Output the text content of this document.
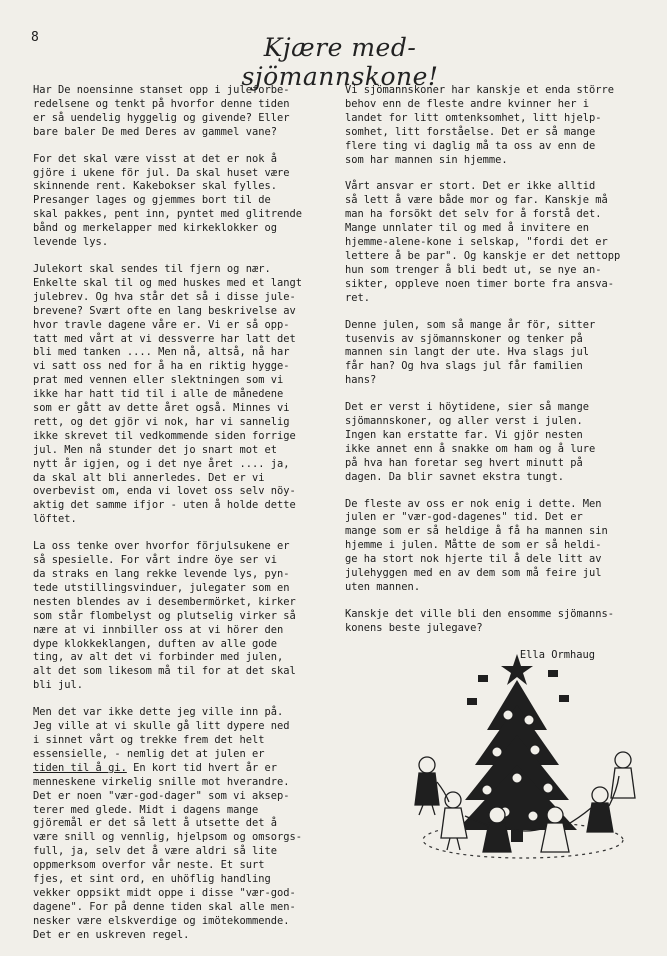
8	Kjære med-sjömannskone!

Har De noensinne stanset opp i juleforbe-
redelsene og tenkt på hvorfor denne tiden
er så uendelig hyggelig og givende? Eller
bare baler De med Deres av gammel vane?

For det skal være visst at det er nok å
gjöre i ukene för jul. Da skal huset være
skinnende rent. Kakebokser skal fylles.
Presanger lages og gjemmes bort til de
skal pakkes, pent inn, pyntet med glitrende
bånd og merkelapper med kirkeklokker og
levende lys.

Julekort skal sendes til fjern og nær.
Enkelte skal til og med huskes med et langt
julebrev. Og hva står det så i disse jule-
brevene? Svært ofte en lang beskrivelse av
hvor travle dagene våre er. Vi er så opp-
tatt med vårt at vi dessverre har latt det
bli med tanken .... Men nå, altså, nå har
vi satt oss ned for å ha en riktig hygge-
prat med vennen eller slektningen som vi
ikke har hatt tid til i alle de månedene
som er gått av dette året også. Minnes vi
rett, og det gjör vi nok, har vi sannelig
ikke skrevet til vedkommende siden forrige
jul. Men nå stunder det jo snart mot et
nytt år igjen, og i det nye året .... ja,
da skal alt bli annerledes. Det er vi
overbevist om, enda vi lovet oss selv nöy-
aktig det samme ifjor - uten å holde dette
löftet.

La oss tenke over hvorfor förjulsukene er
så spesielle. For vårt indre öye ser vi
da straks en lang rekke levende lys, pyn-
tede utstillingsvinduer, julegater som en
nesten blendes av i desembermörket, kirker
som står flombelyst og plutselig virker så
nære at vi innbiller oss at vi hörer den
dype klokkeklangen, duften av alle gode
ting, av alt det vi forbinder med julen,
alt det som likesom må til for at det skal
bli jul.

Men det var ikke dette jeg ville inn på.
Jeg ville at vi skulle gå litt dypere ned
i sinnet vårt og trekke frem det helt
essensielle, - nemlig det at julen er
tiden til å gi. En kort tid hvert år er
menneskene virkelig snille mot hverandre.
Det er noen "vær-god-dager" som vi aksep-
terer med glede. Midt i dagens mange
gjöremål er det så lett å utsette det å
være snill og vennlig, hjelpsom og omsorgs-
full, ja, selv det å være aldri så lite
oppmerksom overfor vår neste. Et surt
fjes, et sint ord, en uhöflig handling
vekker oppsikt midt oppe i disse "vær-god-
dagene". For på denne tiden skal alle men-
nesker være elskverdige og imötekommende.
Det er en uskreven regel.

Vi sjömannskoner har kanskje et enda större
behov enn de fleste andre kvinner her i
landet for litt omtenksomhet, litt hjelp-
somhet, litt forståelse. Det er så mange
flere ting vi daglig må ta oss av enn de
som har mannen sin hjemme.

Vårt ansvar er stort. Det er ikke alltid
så lett å være både mor og far. Kanskje må
man ha forsökt det selv for å forstå det.
Mange unnlater til og med å invitere en
hjemme-alene-kone i selskap, "fordi det er
lettere å be par". Og kanskje er det nettopp
hun som trenger å bli bedt ut, se nye an-
sikter, oppleve noen timer borte fra ansva-
ret.

Denne julen, som så mange år för, sitter
tusenvis av sjömannskoner og tenker på
mannen sin langt der ute. Hva slags jul
får han? Og hva slags jul får familien
hans?

Det er verst i höytidene, sier så mange
sjömannskoner, og aller verst i julen.
Ingen kan erstatte far. Vi gjör nesten
ikke annet enn å snakke om ham og å lure
på hva han foretar seg hvert minutt på
dagen. Da blir savnet ekstra tungt.

De fleste av oss er nok enig i dette. Men
julen er "vær-god-dagenes" tid. Det er
mange som er så heldige å få ha mannen sin
hjemme i julen. Måtte de som er så heldi-
ge ha stort nok hjerte til å dele litt av
julehyggen med en av dem som må feire jul
uten mannen.

Kanskje det ville bli den ensomme sjömanns-
konens beste julegave?

Ella Ormhaug
